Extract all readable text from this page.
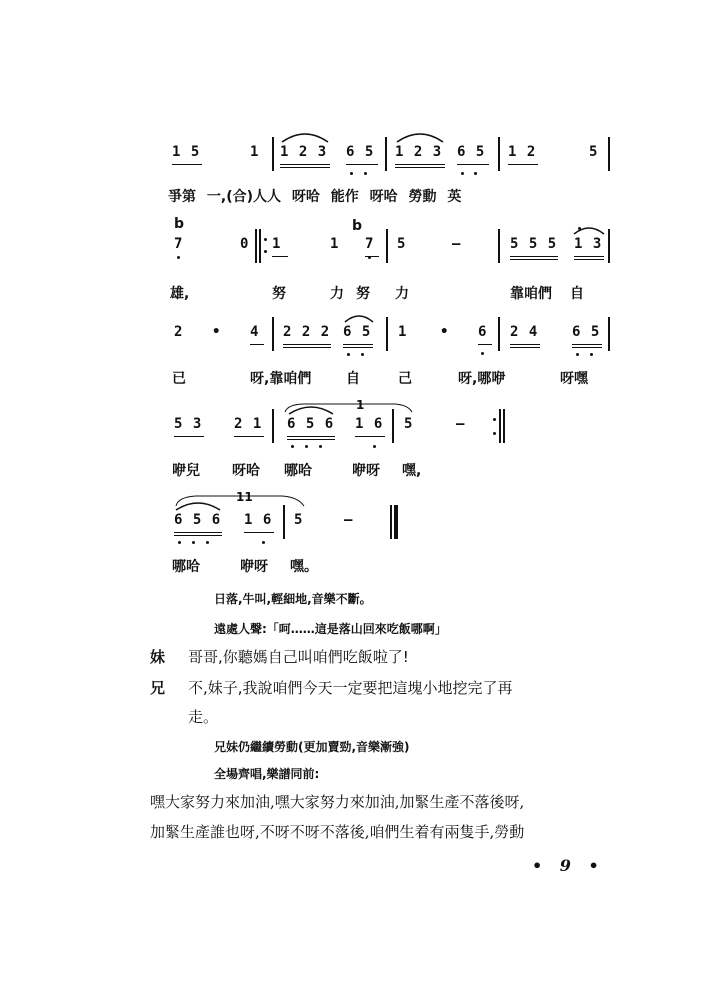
1 5	1 1 2 3 6 5 1 2 3 6 5 1 2	5
爭第 一,(合)人人 呀哈 能作 呀哈 勞動 英
b	b
7	0 1	1 7 5	—	5 5 5 1 3
雄,	努	力 努 力	靠咱們 自
2 • 4 2 2 2 6 5 1 • 6 2 4 6 5
已	呀,靠咱們 自	己	呀,哪咿	呀嘿
1
5 3 2 1 6 5 6 1 6 5	—
咿兒 呀哈 哪哈	咿呀 嘿,
11
6 5 6 1 6 5	—
哪哈	咿呀 嘿。
日落,牛叫,輕細地,音樂不斷。
遠處人聲:「呵……這是落山回來吃飯哪啊」
妹 哥哥,你聽媽自己叫咱們吃飯啦了!
兄 不,妹子,我說咱們今天一定要把這塊小地挖完了再
走。
兄妹仍繼續勞動(更加賣勁,音樂漸強)
全場齊唱,樂譜同前:
嘿大家努力來加油,嘿大家努力來加油,加緊生產不落後呀,
加緊生產誰也呀,不呀不呀不落後,咱們生着有兩隻手,勞動
• 9 •
